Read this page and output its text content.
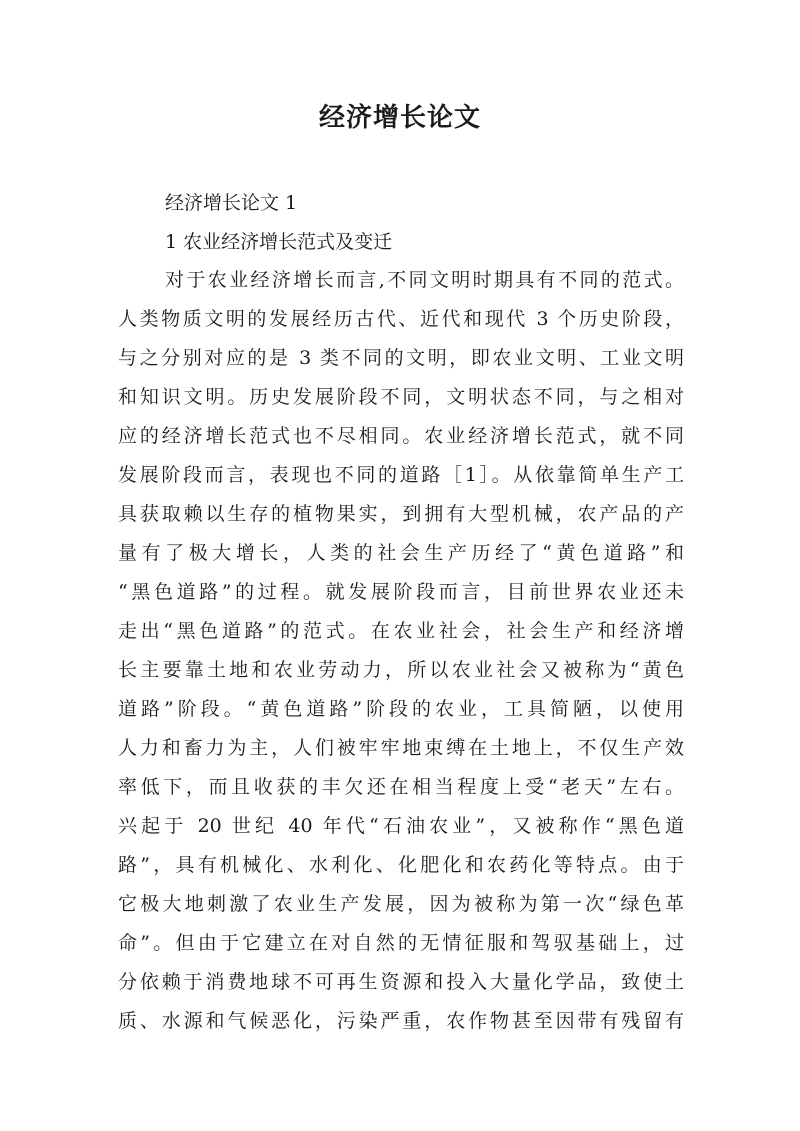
经济增长论文

经济增长论文 1

1 农业经济增长范式及变迁

对于农业经济增长而言,不同文明时期具有不同的范式。

人类物质文明的发展经历古代、近代和现代 3 个历史阶段，

与之分别对应的是 3 类不同的文明，即农业文明、工业文明

和知识文明。历史发展阶段不同，文明状态不同，与之相对

应的经济增长范式也不尽相同。农业经济增长范式，就不同

发展阶段而言，表现也不同的道路［1］。从依靠简单生产工

具获取赖以生存的植物果实，到拥有大型机械，农产品的产

量有了极大增长，人类的社会生产历经了“黄色道路”和

“黑色道路”的过程。就发展阶段而言，目前世界农业还未

走出“黑色道路”的范式。在农业社会，社会生产和经济增

长主要靠土地和农业劳动力，所以农业社会又被称为“黄色

道路”阶段。“黄色道路”阶段的农业，工具简陋，以使用

人力和畜力为主，人们被牢牢地束缚在土地上，不仅生产效

率低下，而且收获的丰欠还在相当程度上受“老天”左右。

兴起于 20 世纪 40 年代“石油农业”，又被称作“黑色道

路”，具有机械化、水利化、化肥化和农药化等特点。由于

它极大地刺激了农业生产发展，因为被称为第一次“绿色革

命”。但由于它建立在对自然的无情征服和驾驭基础上，过

分依赖于消费地球不可再生资源和投入大量化学品，致使土

质、水源和气候恶化，污染严重，农作物甚至因带有残留有
